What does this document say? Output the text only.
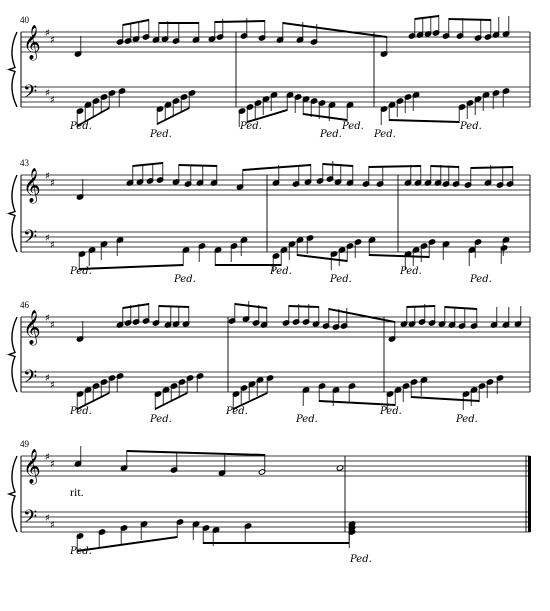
40
𝄞
𝄢
♯
♯
♯
♯
Ped.
Ped.
Ped.
Ped.
Ped.
Ped.
Ped.
43
𝄞
𝄢
♯
♯
♯
♯
Ped.
Ped.
Ped.
Ped.
Ped.
Ped.
46
𝄞
𝄢
♯
♯
♯
♯
Ped.
Ped.
Ped.
Ped.
Ped.
Ped.
49
𝄞
𝄢
♯
♯
♯
♯
Ped.
Ped.
rit.
